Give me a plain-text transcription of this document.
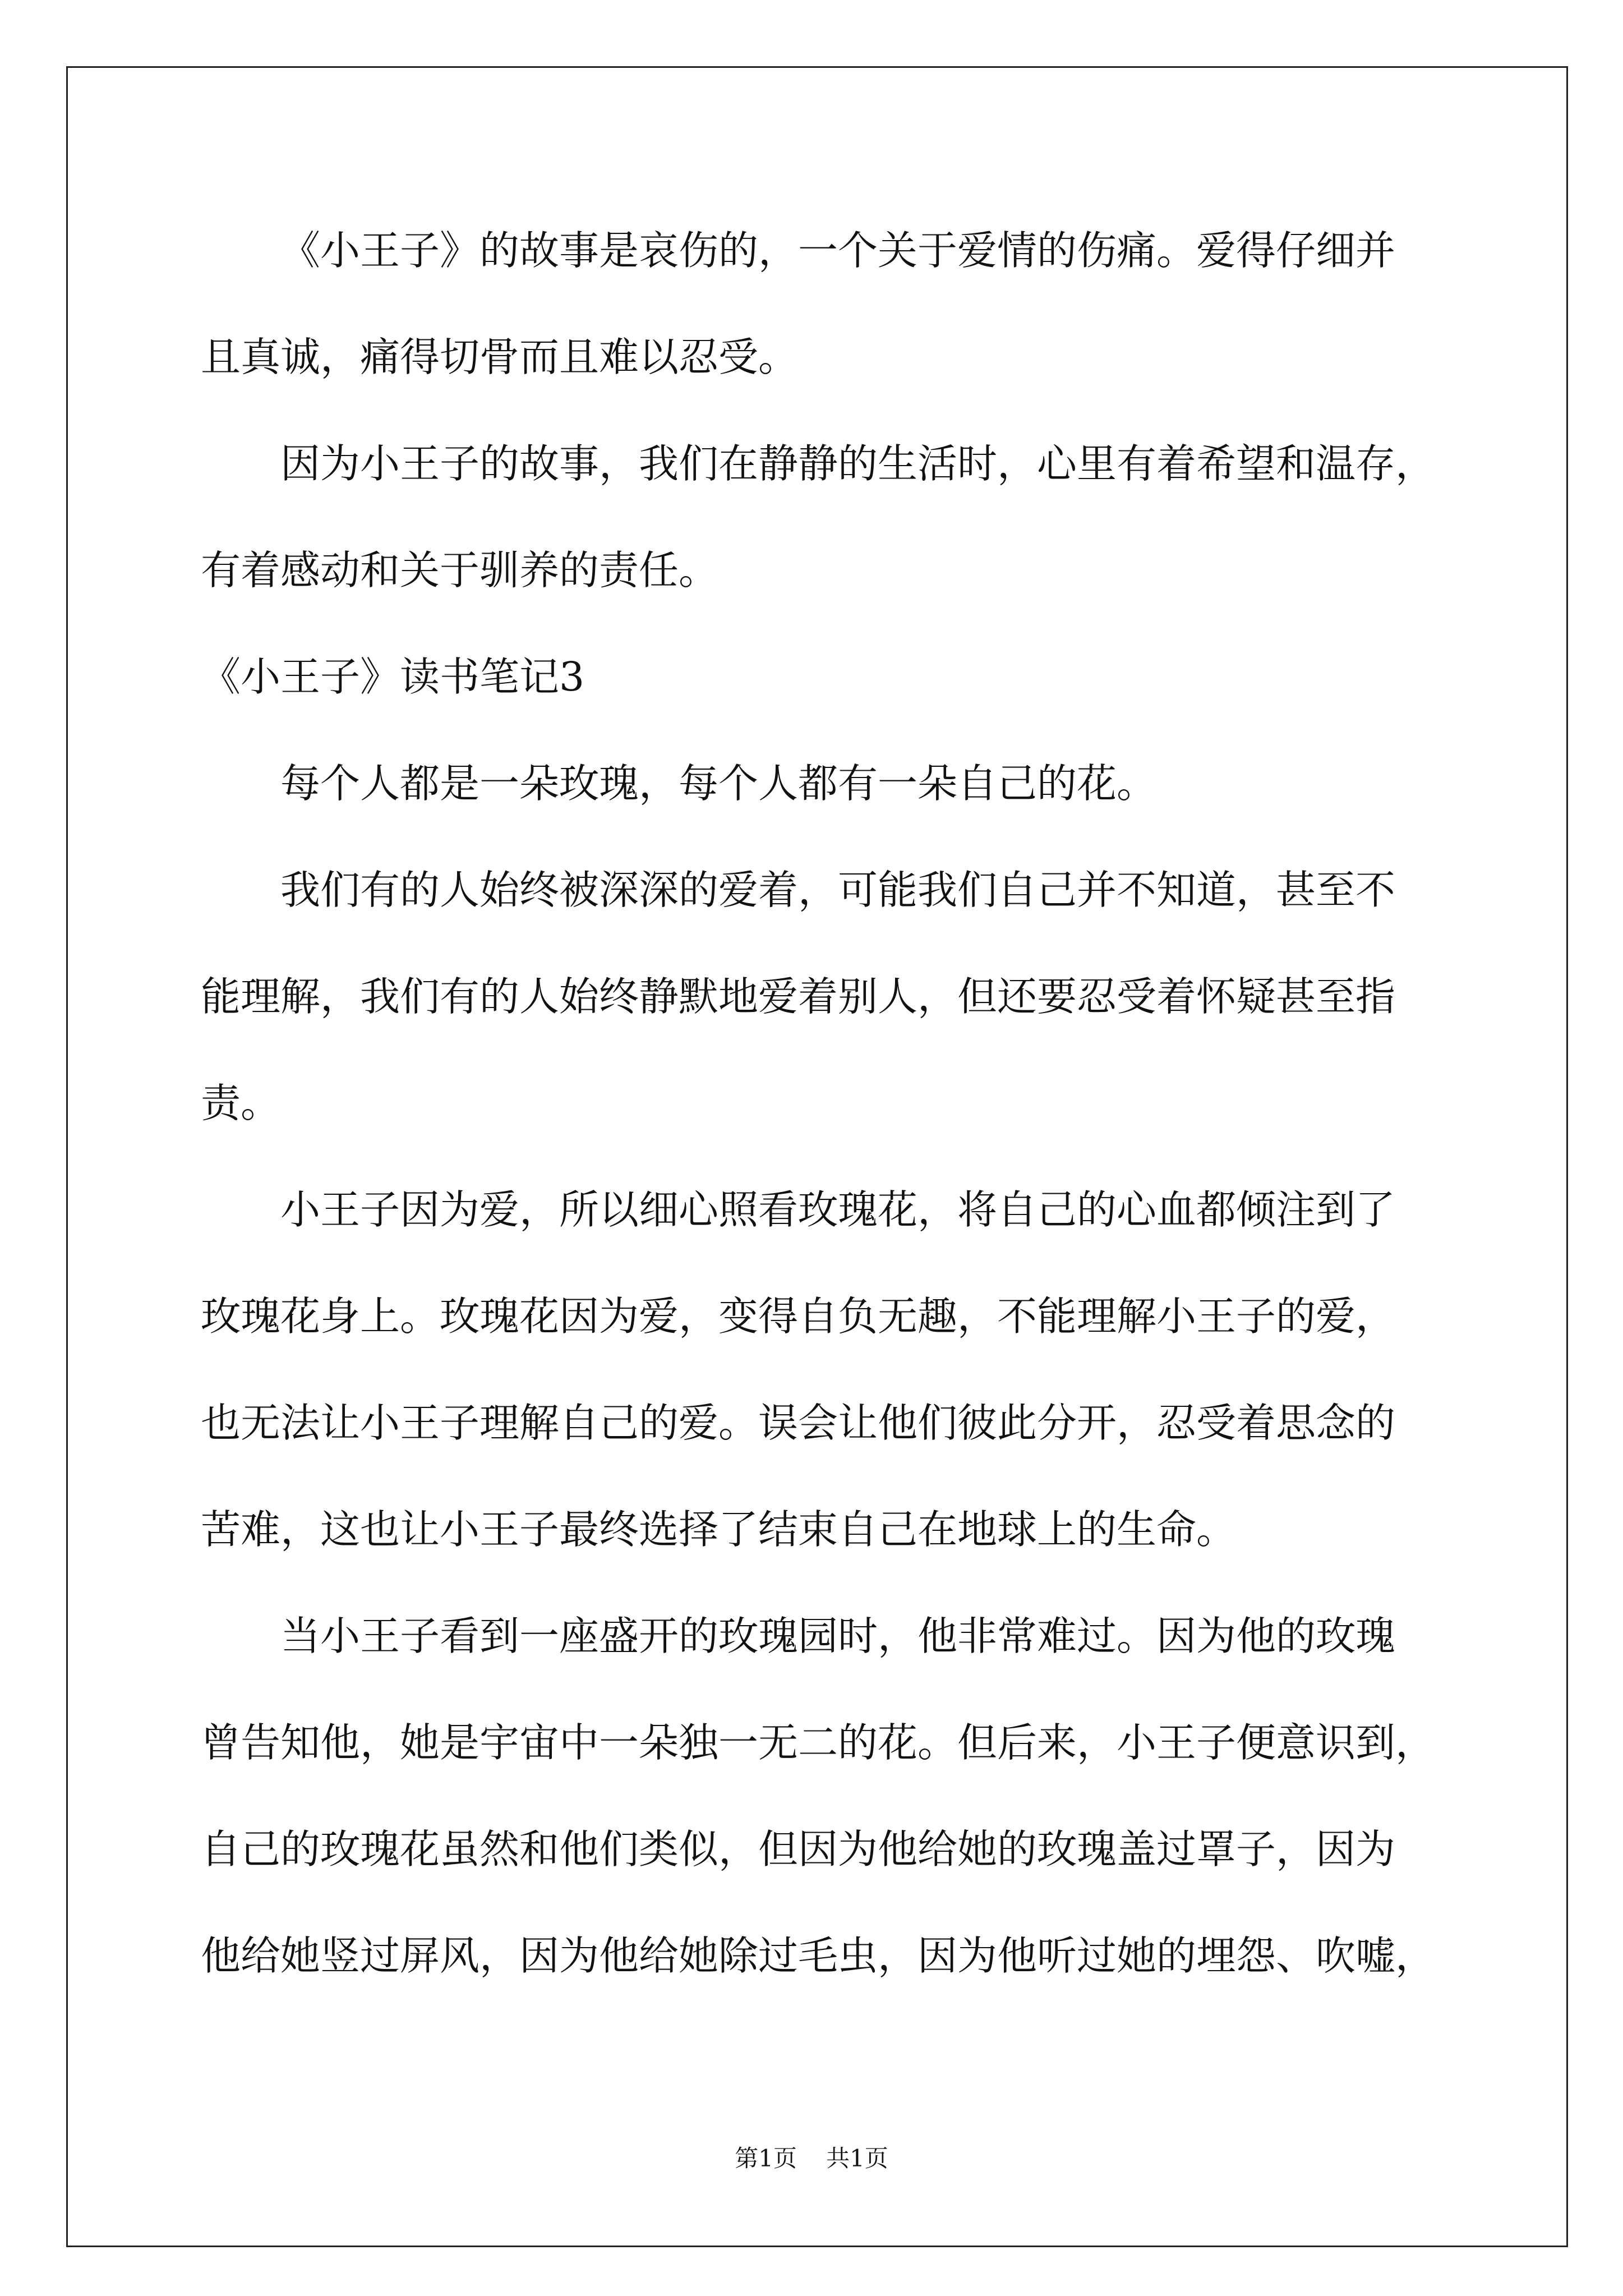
《小王子》的故事是哀伤的，一个关于爱情的伤痛。爱得仔细并
且真诚，痛得切骨而且难以忍受。
因为小王子的故事，我们在静静的生活时，心里有着希望和温存，
有着感动和关于驯养的责任。
《小王子》读书笔记3
每个人都是一朵玫瑰，每个人都有一朵自己的花。
我们有的人始终被深深的爱着，可能我们自己并不知道，甚至不
能理解，我们有的人始终静默地爱着别人，但还要忍受着怀疑甚至指
责。
小王子因为爱，所以细心照看玫瑰花，将自己的心血都倾注到了
玫瑰花身上。玫瑰花因为爱，变得自负无趣，不能理解小王子的爱，
也无法让小王子理解自己的爱。误会让他们彼此分开，忍受着思念的
苦难，这也让小王子最终选择了结束自己在地球上的生命。
当小王子看到一座盛开的玫瑰园时，他非常难过。因为他的玫瑰
曾告知他，她是宇宙中一朵独一无二的花。但后来，小王子便意识到，
自己的玫瑰花虽然和他们类似，但因为他给她的玫瑰盖过罩子，因为
他给她竖过屏风，因为他给她除过毛虫，因为他听过她的埋怨、吹嘘，
第1页 共1页
